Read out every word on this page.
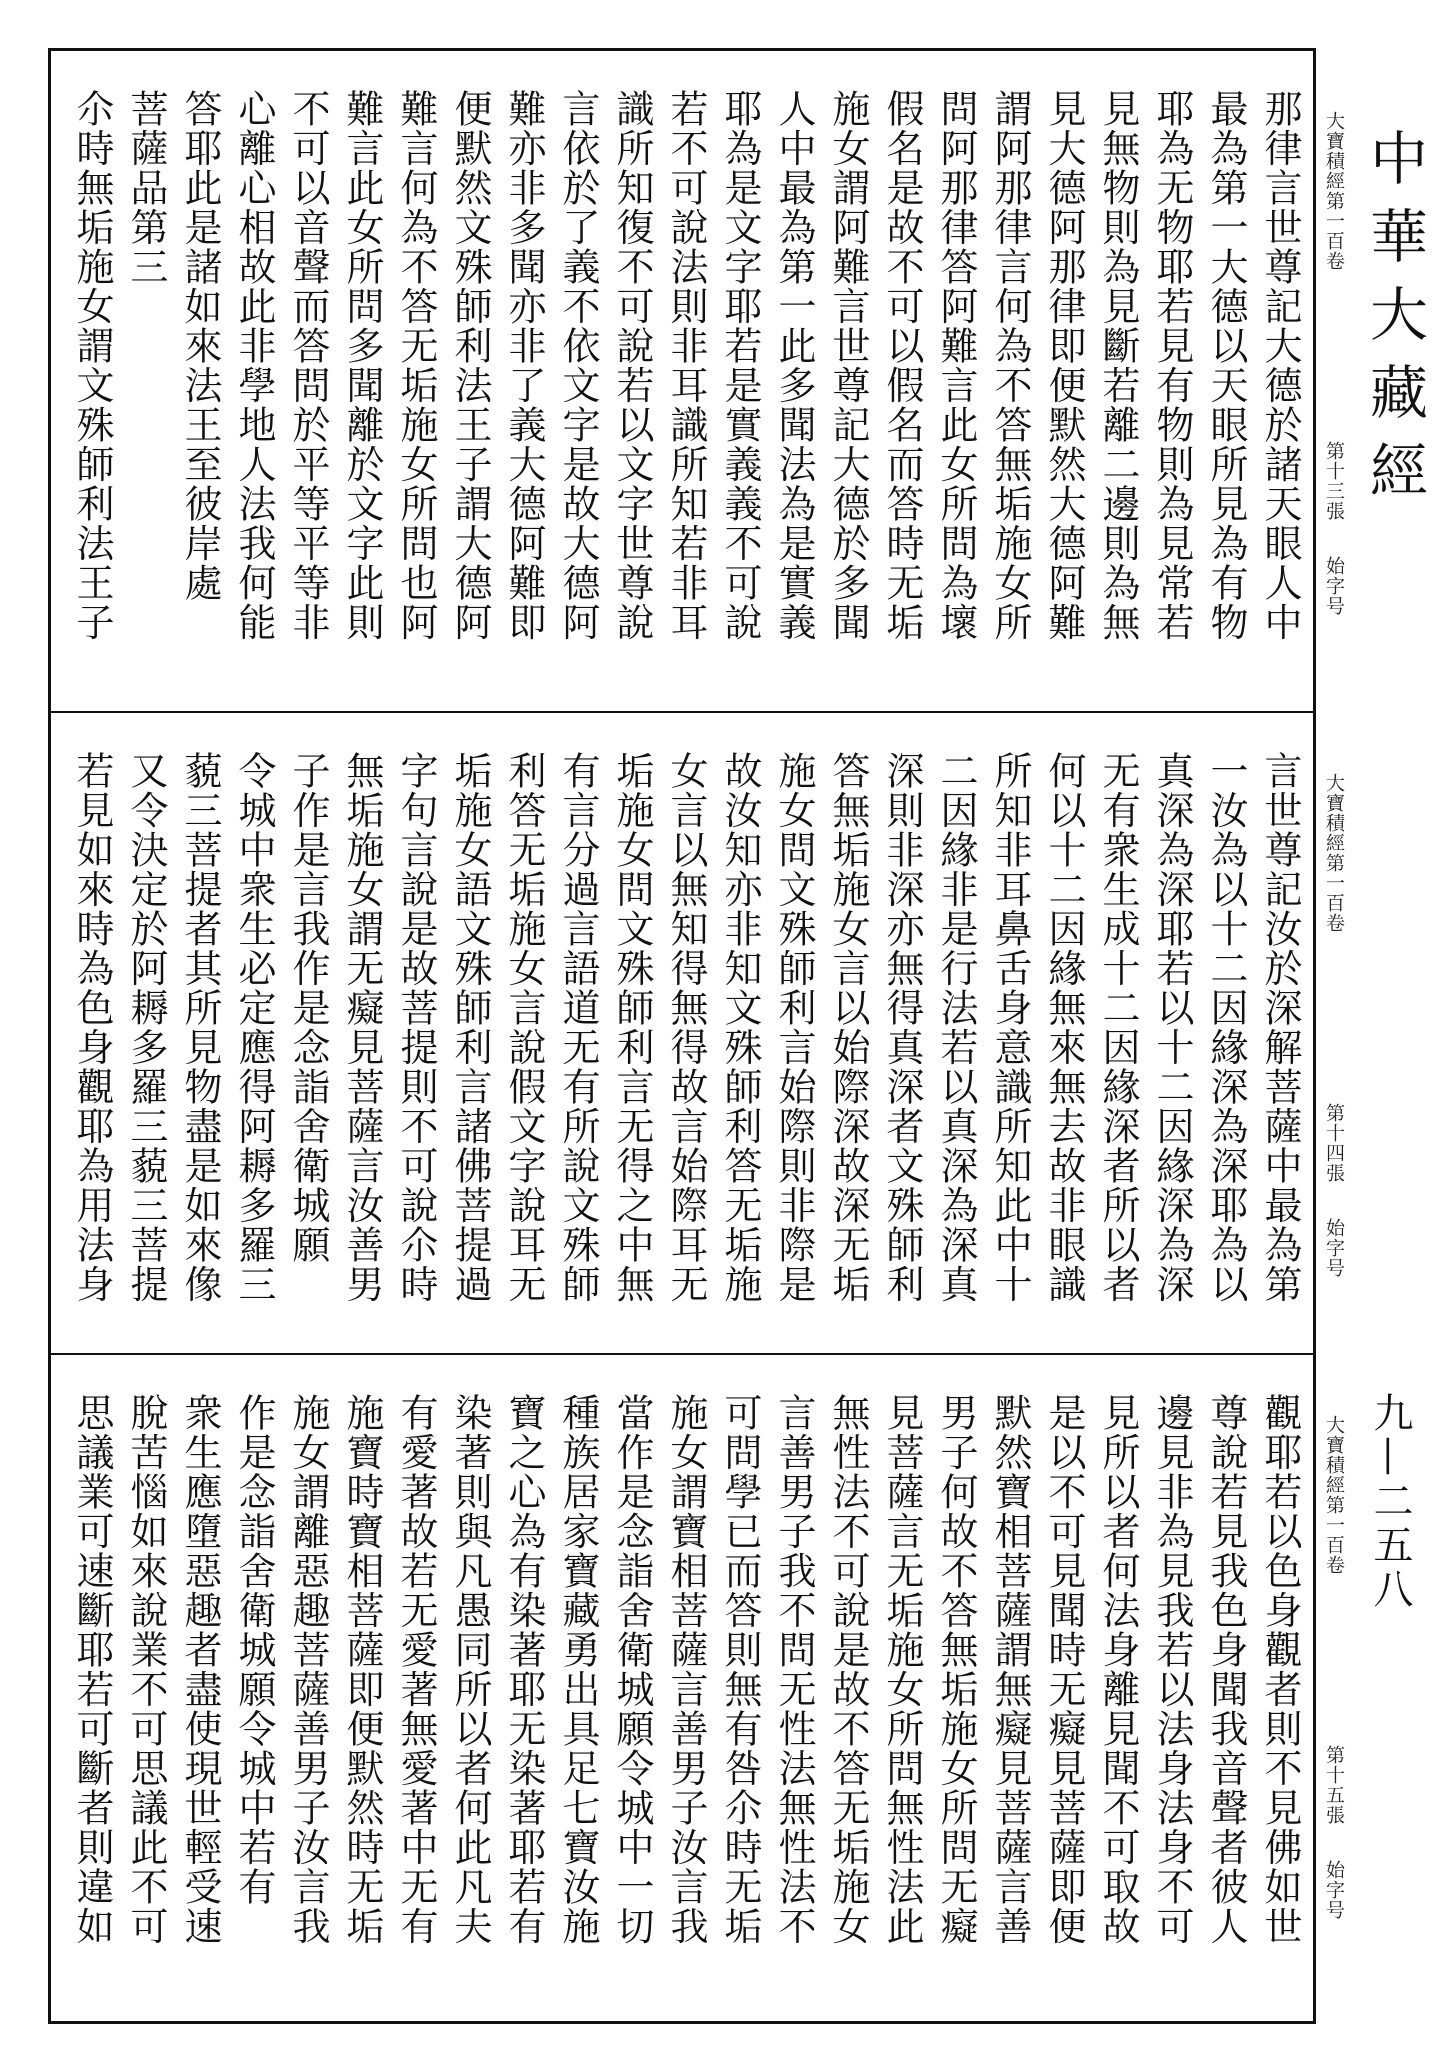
大寶積經第一百卷
第十三張
始字号
那律言世尊記大德於諸天眼人中
最為第一大德以天眼所見為有物
耶為无物耶若見有物則為見常若
見無物則為見斷若離二邊則為無
見大德阿那律即便默然大德阿難
謂阿那律言何為不答無垢施女所
問阿那律答阿難言此女所問為壞
假名是故不可以假名而答時无垢
施女謂阿難言世尊記大德於多聞
人中最為第一此多聞法為是實義
耶為是文字耶若是實義義不可說
若不可說法則非耳識所知若非耳
識所知復不可說若以文字世尊說
言依於了義不依文字是故大德阿
難亦非多聞亦非了義大德阿難即
便默然文殊師利法王子謂大德阿
難言何為不答无垢施女所問也阿
難言此女所問多聞離於文字此則
不可以音聲而答問於平等平等非
心離心相故此非學地人法我何能
答耶此是諸如來法王至彼岸處
菩薩品第三
尒時無垢施女謂文殊師利法王子
大寶積經第一百卷
第十四張
始字号
言世尊記汝於深解菩薩中最為第
一汝為以十二因緣深為深耶為以
真深為深耶若以十二因緣深為深
无有衆生成十二因緣深者所以者
何以十二因緣無來無去故非眼識
所知非耳鼻舌身意識所知此中十
二因緣非是行法若以真深為深真
深則非深亦無得真深者文殊師利
答無垢施女言以始際深故深无垢
施女問文殊師利言始際則非際是
故汝知亦非知文殊師利答无垢施
女言以無知得無得故言始際耳无
垢施女問文殊師利言无得之中無
有言分過言語道无有所說文殊師
利答无垢施女言說假文字說耳无
垢施女語文殊師利言諸佛菩提過
字句言說是故菩提則不可說尒時
無垢施女謂无癡見菩薩言汝善男
子作是言我作是念詣舍衛城願
令城中衆生必定應得阿耨多羅三
藐三菩提者其所見物盡是如來像
又令決定於阿耨多羅三藐三菩提
若見如來時為色身觀耶為用法身
大寶積經第一百卷
第十五張
始字号
觀耶若以色身觀者則不見佛如世
尊說若見我色身聞我音聲者彼人
邊見非為見我若以法身法身不可
見所以者何法身離見聞不可取故
是以不可見聞時无癡見菩薩即便
默然寶相菩薩謂無癡見菩薩言善
男子何故不答無垢施女所問无癡
見菩薩言无垢施女所問無性法此
無性法不可說是故不答无垢施女
言善男子我不問无性法無性法不
可問學已而答則無有咎尒時无垢
施女謂寶相菩薩言善男子汝言我
當作是念詣舍衛城願令城中一切
種族居家寶藏勇出具足七寶汝施
寶之心為有染著耶无染著耶若有
染著則與凡愚同所以者何此凡夫
有愛著故若无愛著無愛著中无有
施寶時寶相菩薩即便默然時无垢
施女謂離惡趣菩薩善男子汝言我
作是念詣舍衛城願令城中若有
衆生應墮惡趣者盡使現世輕受速
脫苦惱如來說業不可思議此不可
思議業可速斷耶若可斷者則違如
中華大藏經
九—二五八
